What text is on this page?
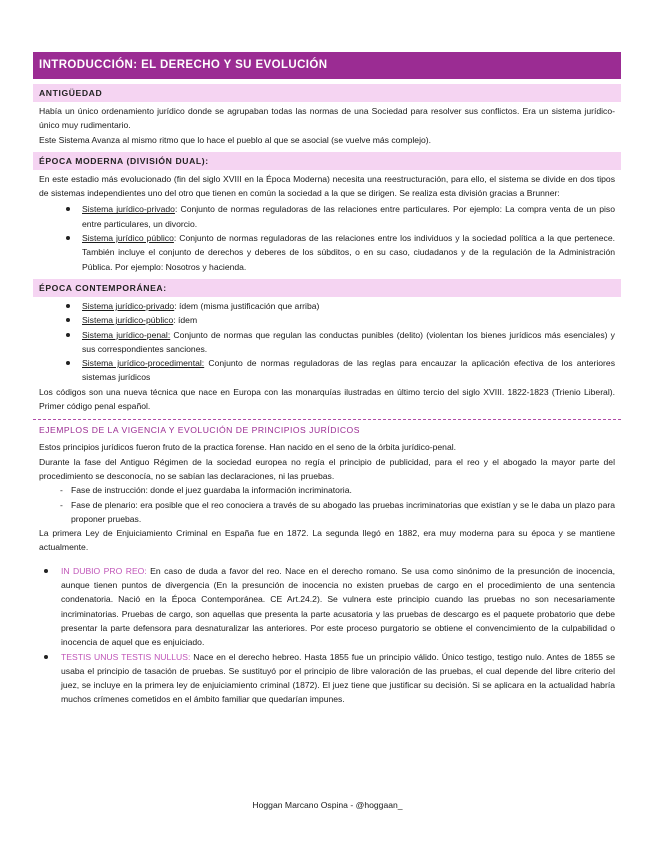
INTRODUCCIÓN: EL DERECHO Y SU EVOLUCIÓN
ANTIGÜEDAD

Había un único ordenamiento jurídico donde se agrupaban todas las normas de una Sociedad para resolver sus conflictos. Era un sistema jurídico-único muy rudimentario.

Este Sistema Avanza al mismo ritmo que lo hace el pueblo al que se asocial (se vuelve más complejo).

ÉPOCA MODERNA (DIVISIÓN DUAL):

En este estadio más evolucionado (fin del siglo XVIII en la Época Moderna) necesita una reestructuración, para ello, el sistema se divide en dos tipos de sistemas independientes uno del otro que tienen en común la sociedad a la que se dirigen. Se realiza esta división gracias a Brunner:

Sistema jurídico-privado: Conjunto de normas reguladoras de las relaciones entre particulares. Por ejemplo: La compra venta de un piso entre particulares, un divorcio.
Sistema jurídico público: Conjunto de normas reguladoras de las relaciones entre los individuos y la sociedad política a la que pertenece. También incluye el conjunto de derechos y deberes de los súbditos, o en su caso, ciudadanos y de la regulación de la Administración Pública. Por ejemplo: Nosotros y hacienda.
ÉPOCA CONTEMPORÁNEA:
Sistema jurídico-privado: ídem (misma justificación que arriba)
Sistema jurídico-público: ídem
Sistema jurídico-penal: Conjunto de normas que regulan las conductas punibles (delito) (violentan los bienes jurídicos más esenciales) y sus correspondientes sanciones.
Sistema jurídico-procedimental: Conjunto de normas reguladoras de las reglas para encauzar la aplicación efectiva de los anteriores sistemas jurídicos

Los códigos son una nueva técnica que nace en Europa con las monarquías ilustradas en último tercio del siglo XVIII. 1822-1823 (Trienio Liberal). Primer código penal español.

EJEMPLOS DE LA VIGENCIA Y EVOLUCIÓN DE PRINCIPIOS JURÍDICOS

Estos principios jurídicos fueron fruto de la practica forense. Han nacido en el seno de la órbita jurídico-penal.

Durante la fase del Antiguo Régimen de la sociedad europea no regía el principio de publicidad, para el reo y el abogado la mayor parte del procedimiento se desconocía, no se sabían las declaraciones, ni las pruebas.

- Fase de instrucción: donde el juez guardaba la información incriminatoria.
- Fase de plenario: era posible que el reo conociera a través de su abogado las pruebas incriminatorias que existían y se le daba un plazo para proponer pruebas.

La primera Ley de Enjuiciamiento Criminal en España fue en 1872. La segunda llegó en 1882, era muy moderna para su época y se mantiene actualmente.

IN DUBIO PRO REO: En caso de duda a favor del reo. Nace en el derecho romano. Se usa como sinónimo de la presunción de inocencia, aunque tienen puntos de divergencia (En la presunción de inocencia no existen pruebas de cargo en el procedimiento de una sentencia condenatoria. Nació en la Época Contemporánea. CE Art.24.2). Se vulnera este principio cuando las pruebas no son necesariamente incriminatorias. Pruebas de cargo, son aquellas que presenta la parte acusatoria y las pruebas de descargo es el paquete probatorio que debe presentar la parte defensora para desnaturalizar las anteriores. Por este proceso purgatorio se obtiene el convencimiento de la culpabilidad o inocencia de aquel que es enjuiciado.
TESTIS UNUS TESTIS NULLUS: Nace en el derecho hebreo. Hasta 1855 fue un principio válido. Único testigo, testigo nulo. Antes de 1855 se usaba el principio de tasación de pruebas. Se sustituyó por el principio de libre valoración de las pruebas, el cual depende del libre criterio del juez, se incluye en la primera ley de enjuiciamiento criminal (1872). El juez tiene que justificar su decisión. Si se aplicara en la actualidad habría muchos crímenes cometidos en el ámbito familiar que quedarían impunes.
Hoggan Marcano Ospina - @hoggaan_
